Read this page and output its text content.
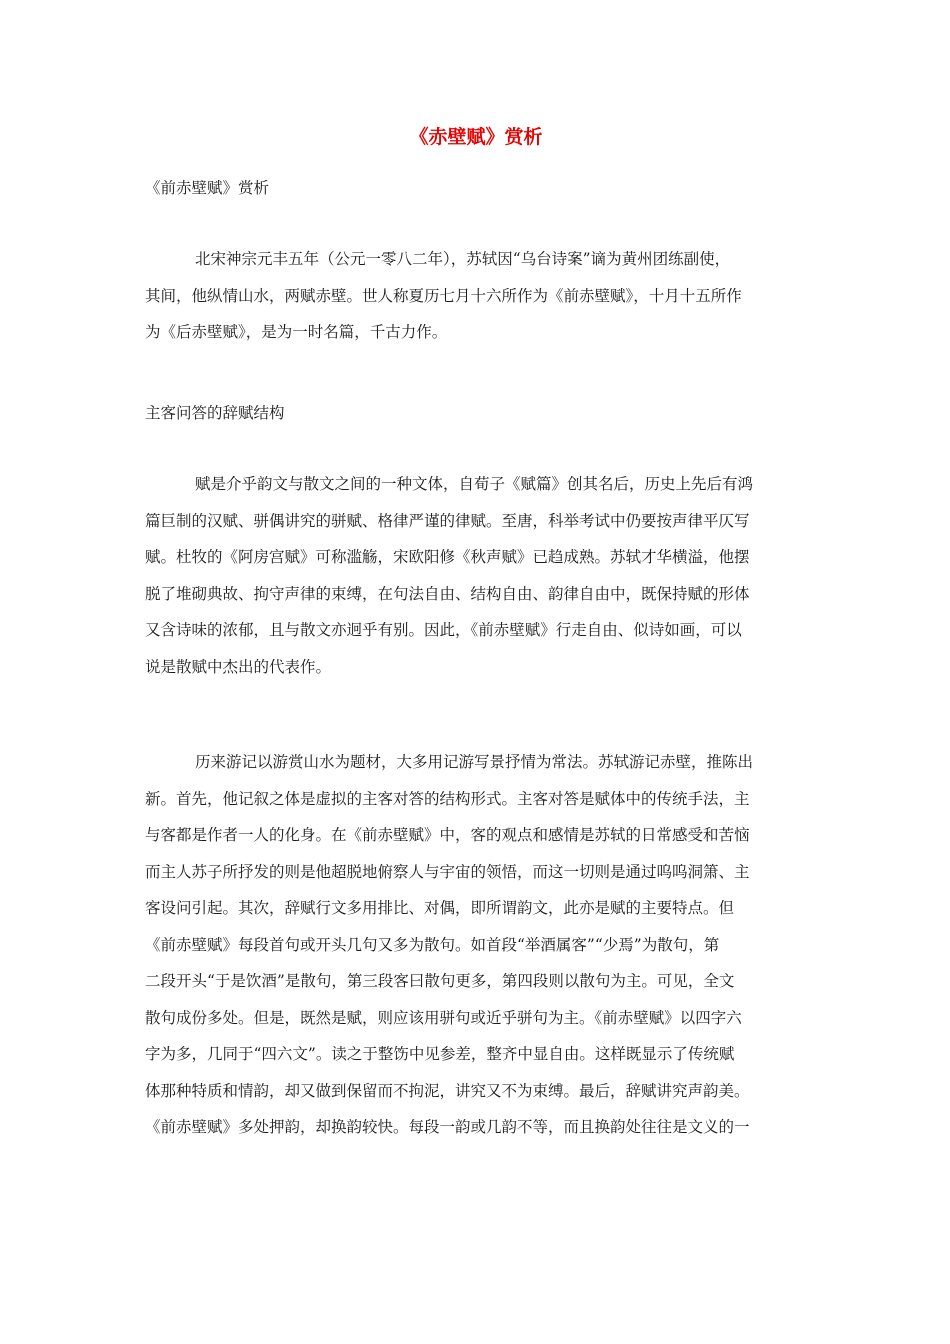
《赤壁赋》赏析

《前赤壁赋》赏析

北宋神宗元丰五年（公元一零八二年），苏轼因“乌台诗案”谪为黄州团练副使，
其间，他纵情山水，两赋赤壁。世人称夏历七月十六所作为《前赤壁赋》，十月十五所作
为《后赤壁赋》，是为一时名篇，千古力作。

主客问答的辞赋结构

赋是介乎韵文与散文之间的一种文体，自荀子《赋篇》创其名后，历史上先后有鸿
篇巨制的汉赋、骈偶讲究的骈赋、格律严谨的律赋。至唐，科举考试中仍要按声律平仄写
赋。杜牧的《阿房宫赋》可称滥觞，宋欧阳修《秋声赋》已趋成熟。苏轼才华横溢，他摆
脱了堆砌典故、拘守声律的束缚，在句法自由、结构自由、韵律自由中，既保持赋的形体
又含诗味的浓郁，且与散文亦迥乎有别。因此，《前赤壁赋》行走自由、似诗如画，可以
说是散赋中杰出的代表作。
历来游记以游赏山水为题材，大多用记游写景抒情为常法。苏轼游记赤壁，推陈出
新。首先，他记叙之体是虚拟的主客对答的结构形式。主客对答是赋体中的传统手法，主
与客都是作者一人的化身。在《前赤壁赋》中，客的观点和感情是苏轼的日常感受和苦恼
而主人苏子所抒发的则是他超脱地俯察人与宇宙的领悟，而这一切则是通过呜呜洞箫、主
客设问引起。其次，辞赋行文多用排比、对偶，即所谓韵文，此亦是赋的主要特点。但
《前赤壁赋》每段首句或开头几句又多为散句。如首段“举酒属客”“少焉”为散句，第
二段开头“于是饮酒”是散句，第三段客曰散句更多，第四段则以散句为主。可见，全文
散句成份多处。但是，既然是赋，则应该用骈句或近乎骈句为主。《前赤壁赋》以四字六
字为多，几同于“四六文”。读之于整饬中见参差，整齐中显自由。这样既显示了传统赋
体那种特质和情韵，却又做到保留而不拘泥，讲究又不为束缚。最后，辞赋讲究声韵美。
《前赤壁赋》多处押韵，却换韵较快。每段一韵或几韵不等，而且换韵处往往是文义的一
